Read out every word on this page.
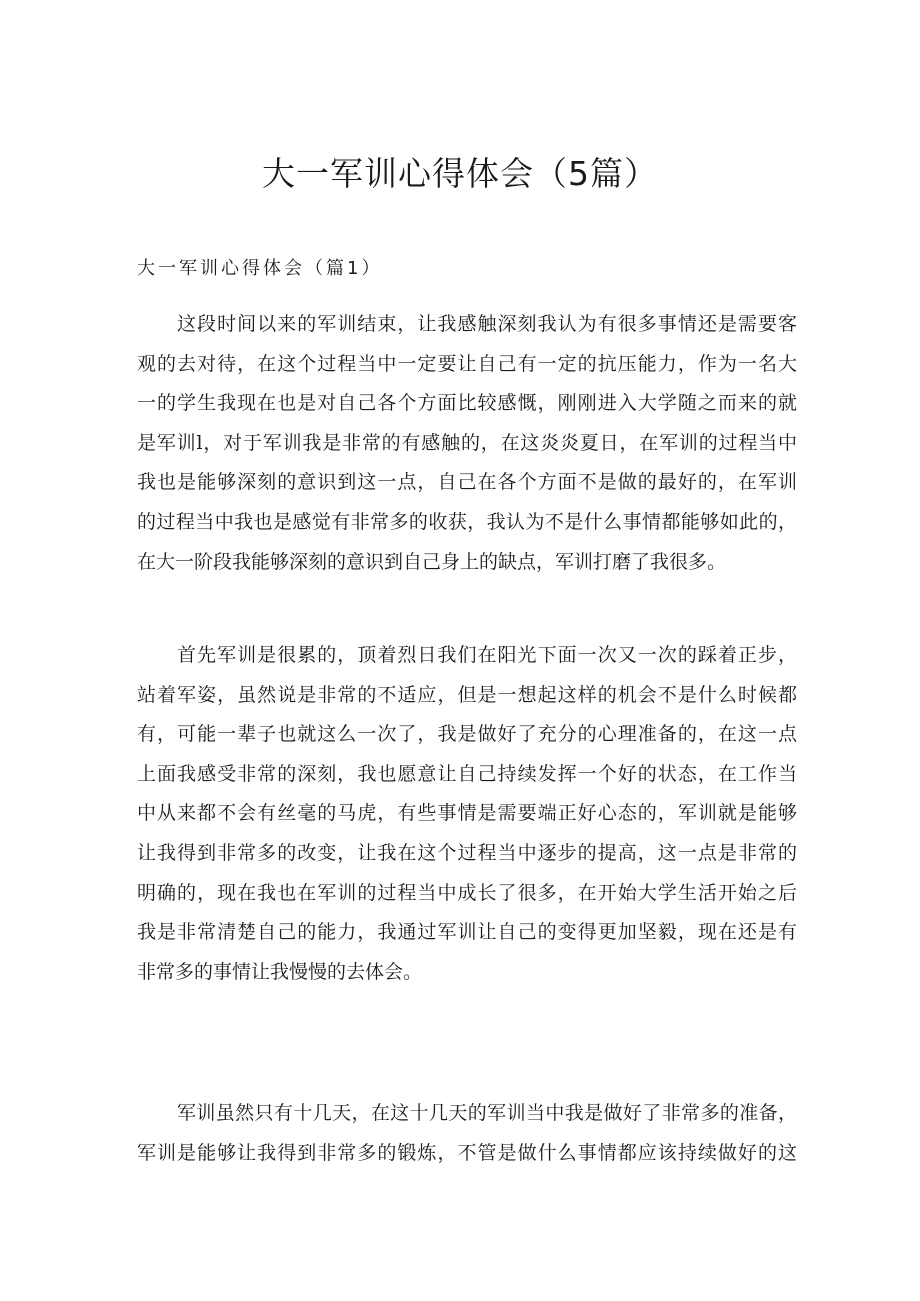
大一军训心得体会（5篇）
大一军训心得体会（篇1）

这段时间以来的军训结束，让我感触深刻我认为有很多事情还是需要客
观的去对待，在这个过程当中一定要让自己有一定的抗压能力，作为一名大
一的学生我现在也是对自己各个方面比较感慨，刚刚进入大学随之而来的就
是军训l，对于军训我是非常的有感触的，在这炎炎夏日，在军训的过程当中
我也是能够深刻的意识到这一点，自己在各个方面不是做的最好的，在军训
的过程当中我也是感觉有非常多的收获，我认为不是什么事情都能够如此的，
在大一阶段我能够深刻的意识到自己身上的缺点，军训打磨了我很多。

首先军训是很累的，顶着烈日我们在阳光下面一次又一次的踩着正步，
站着军姿，虽然说是非常的不适应，但是一想起这样的机会不是什么时候都
有，可能一辈子也就这么一次了，我是做好了充分的心理准备的，在这一点
上面我感受非常的深刻，我也愿意让自己持续发挥一个好的状态，在工作当
中从来都不会有丝毫的马虎，有些事情是需要端正好心态的，军训就是能够
让我得到非常多的改变，让我在这个过程当中逐步的提高，这一点是非常的
明确的，现在我也在军训的过程当中成长了很多，在开始大学生活开始之后
我是非常清楚自己的能力，我通过军训让自己的变得更加坚毅，现在还是有
非常多的事情让我慢慢的去体会。

军训虽然只有十几天，在这十几天的军训当中我是做好了非常多的准备，
军训是能够让我得到非常多的锻炼，不管是做什么事情都应该持续做好的这
